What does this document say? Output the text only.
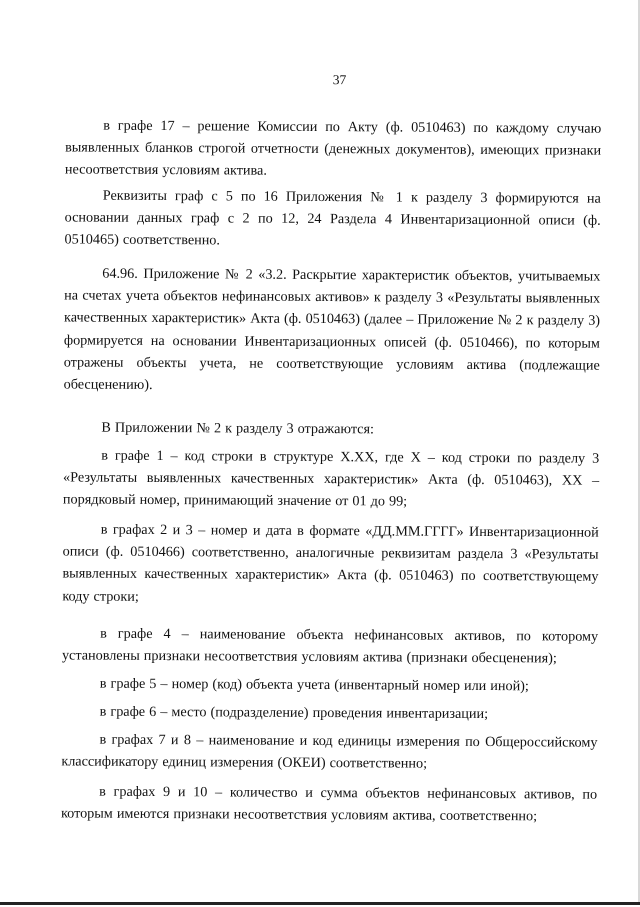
37

в графе 17 – решение Комиссии по Акту (ф. 0510463) по каждому случаю выявленных бланков строгой отчетности (денежных документов), имеющих признаки несоответствия условиям актива.

Реквизиты граф с 5 по 16 Приложения № 1 к разделу 3 формируются на основании данных граф с 2 по 12, 24 Раздела 4 Инвентаризационной описи (ф. 0510465) соответственно.

64.96. Приложение № 2 «3.2. Раскрытие характеристик объектов, учитываемых на счетах учета объектов нефинансовых активов» к разделу 3 «Результаты выявленных качественных характеристик» Акта (ф. 0510463) (далее – Приложение № 2 к разделу 3) формируется на основании Инвентаризационных описей (ф. 0510466), по которым отражены объекты учета, не соответствующие условиям актива (подлежащие обесценению).

В Приложении № 2 к разделу 3 отражаются:

в графе 1 – код строки в структуре Х.ХХ, где Х – код строки по разделу 3 «Результаты выявленных качественных характеристик» Акта (ф. 0510463), ХХ – порядковый номер, принимающий значение от 01 до 99;

в графах 2 и 3 – номер и дата в формате «ДД.ММ.ГГГГ» Инвентаризационной описи (ф. 0510466) соответственно, аналогичные реквизитам раздела 3 «Результаты выявленных качественных характеристик» Акта (ф. 0510463) по соответствующему коду строки;

в графе 4 – наименование объекта нефинансовых активов, по которому установлены признаки несоответствия условиям актива (признаки обесценения);

в графе 5 – номер (код) объекта учета (инвентарный номер или иной);

в графе 6 – место (подразделение) проведения инвентаризации;

в графах 7 и 8 – наименование и код единицы измерения по Общероссийскому классификатору единиц измерения (ОКЕИ) соответственно;

в графах 9 и 10 – количество и сумма объектов нефинансовых активов, по которым имеются признаки несоответствия условиям актива, соответственно;
